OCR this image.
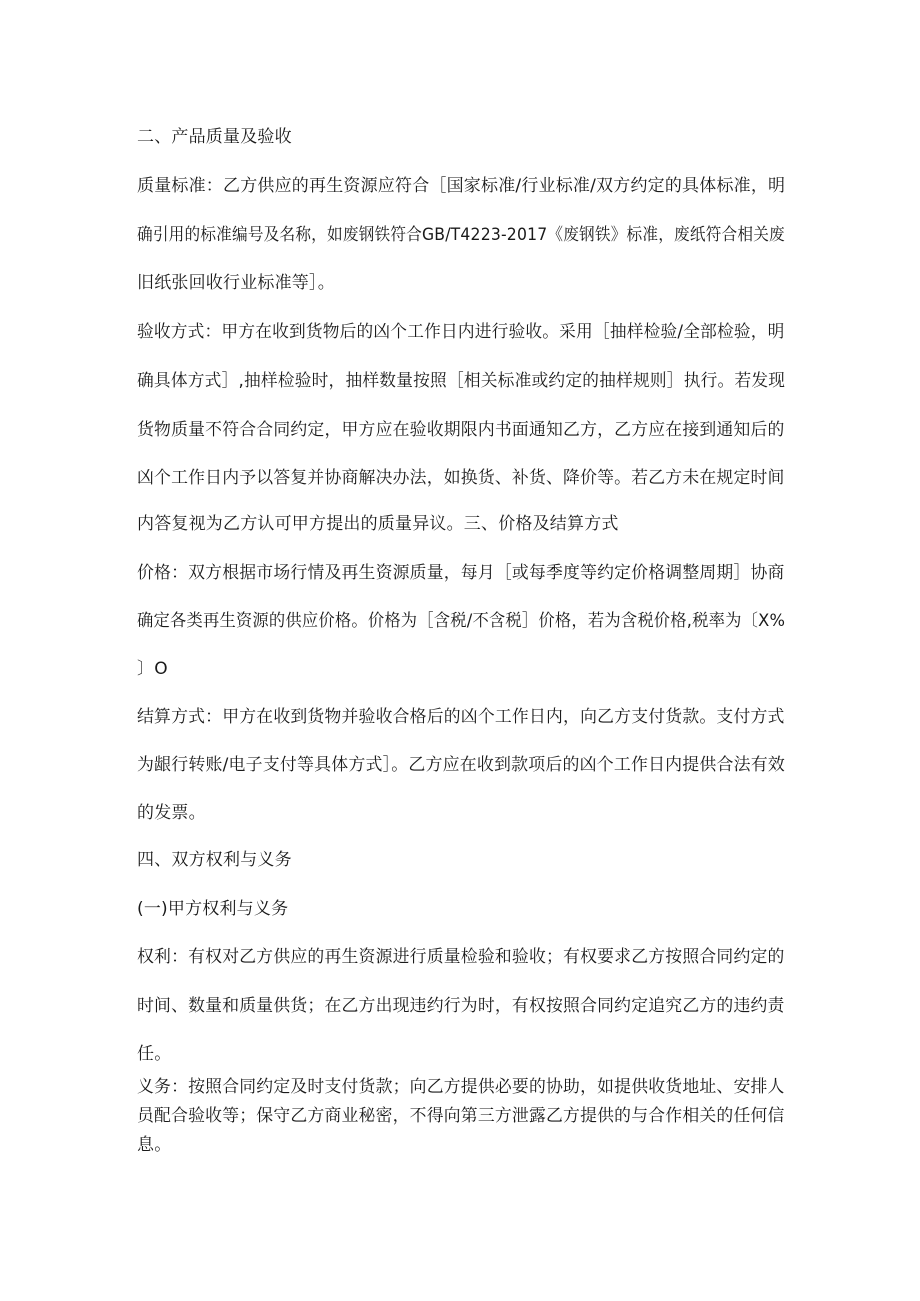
二、产品质量及验收
质量标准：乙方供应的再生资源应符合［国家标准/行业标准/双方约定的具体标准，明
确引用的标准编号及名称，如废钢铁符合GB/T4223-2017《废钢铁》标准，废纸符合相关废
旧纸张回收行业标准等］。
验收方式：甲方在收到货物后的凶个工作日内进行验收。采用［抽样检验/全部检验，明
确具体方式］,抽样检验时，抽样数量按照［相关标准或约定的抽样规则］执行。若发现
货物质量不符合合同约定，甲方应在验收期限内书面通知乙方，乙方应在接到通知后的
凶个工作日内予以答复并协商解决办法，如换货、补货、降价等。若乙方未在规定时间
内答复视为乙方认可甲方提出的质量异议。三、价格及结算方式
价格：双方根据市场行情及再生资源质量，每月［或每季度等约定价格调整周期］协商
确定各类再生资源的供应价格。价格为［含税/不含税］价格，若为含税价格,税率为〔X%
〕O
结算方式：甲方在收到货物并验收合格后的凶个工作日内，向乙方支付货款。支付方式
为龈行转账/电子支付等具体方式］。乙方应在收到款项后的凶个工作日内提供合法有效
的发票。
四、双方权利与义务
(一)甲方权利与义务
权利：有权对乙方供应的再生资源进行质量检验和验收；有权要求乙方按照合同约定的
时间、数量和质量供货；在乙方出现违约行为时，有权按照合同约定追究乙方的违约责
任。
义务：按照合同约定及时支付货款；向乙方提供必要的协助，如提供收货地址、安排人
员配合验收等；保守乙方商业秘密，不得向第三方泄露乙方提供的与合作相关的任何信
息。
